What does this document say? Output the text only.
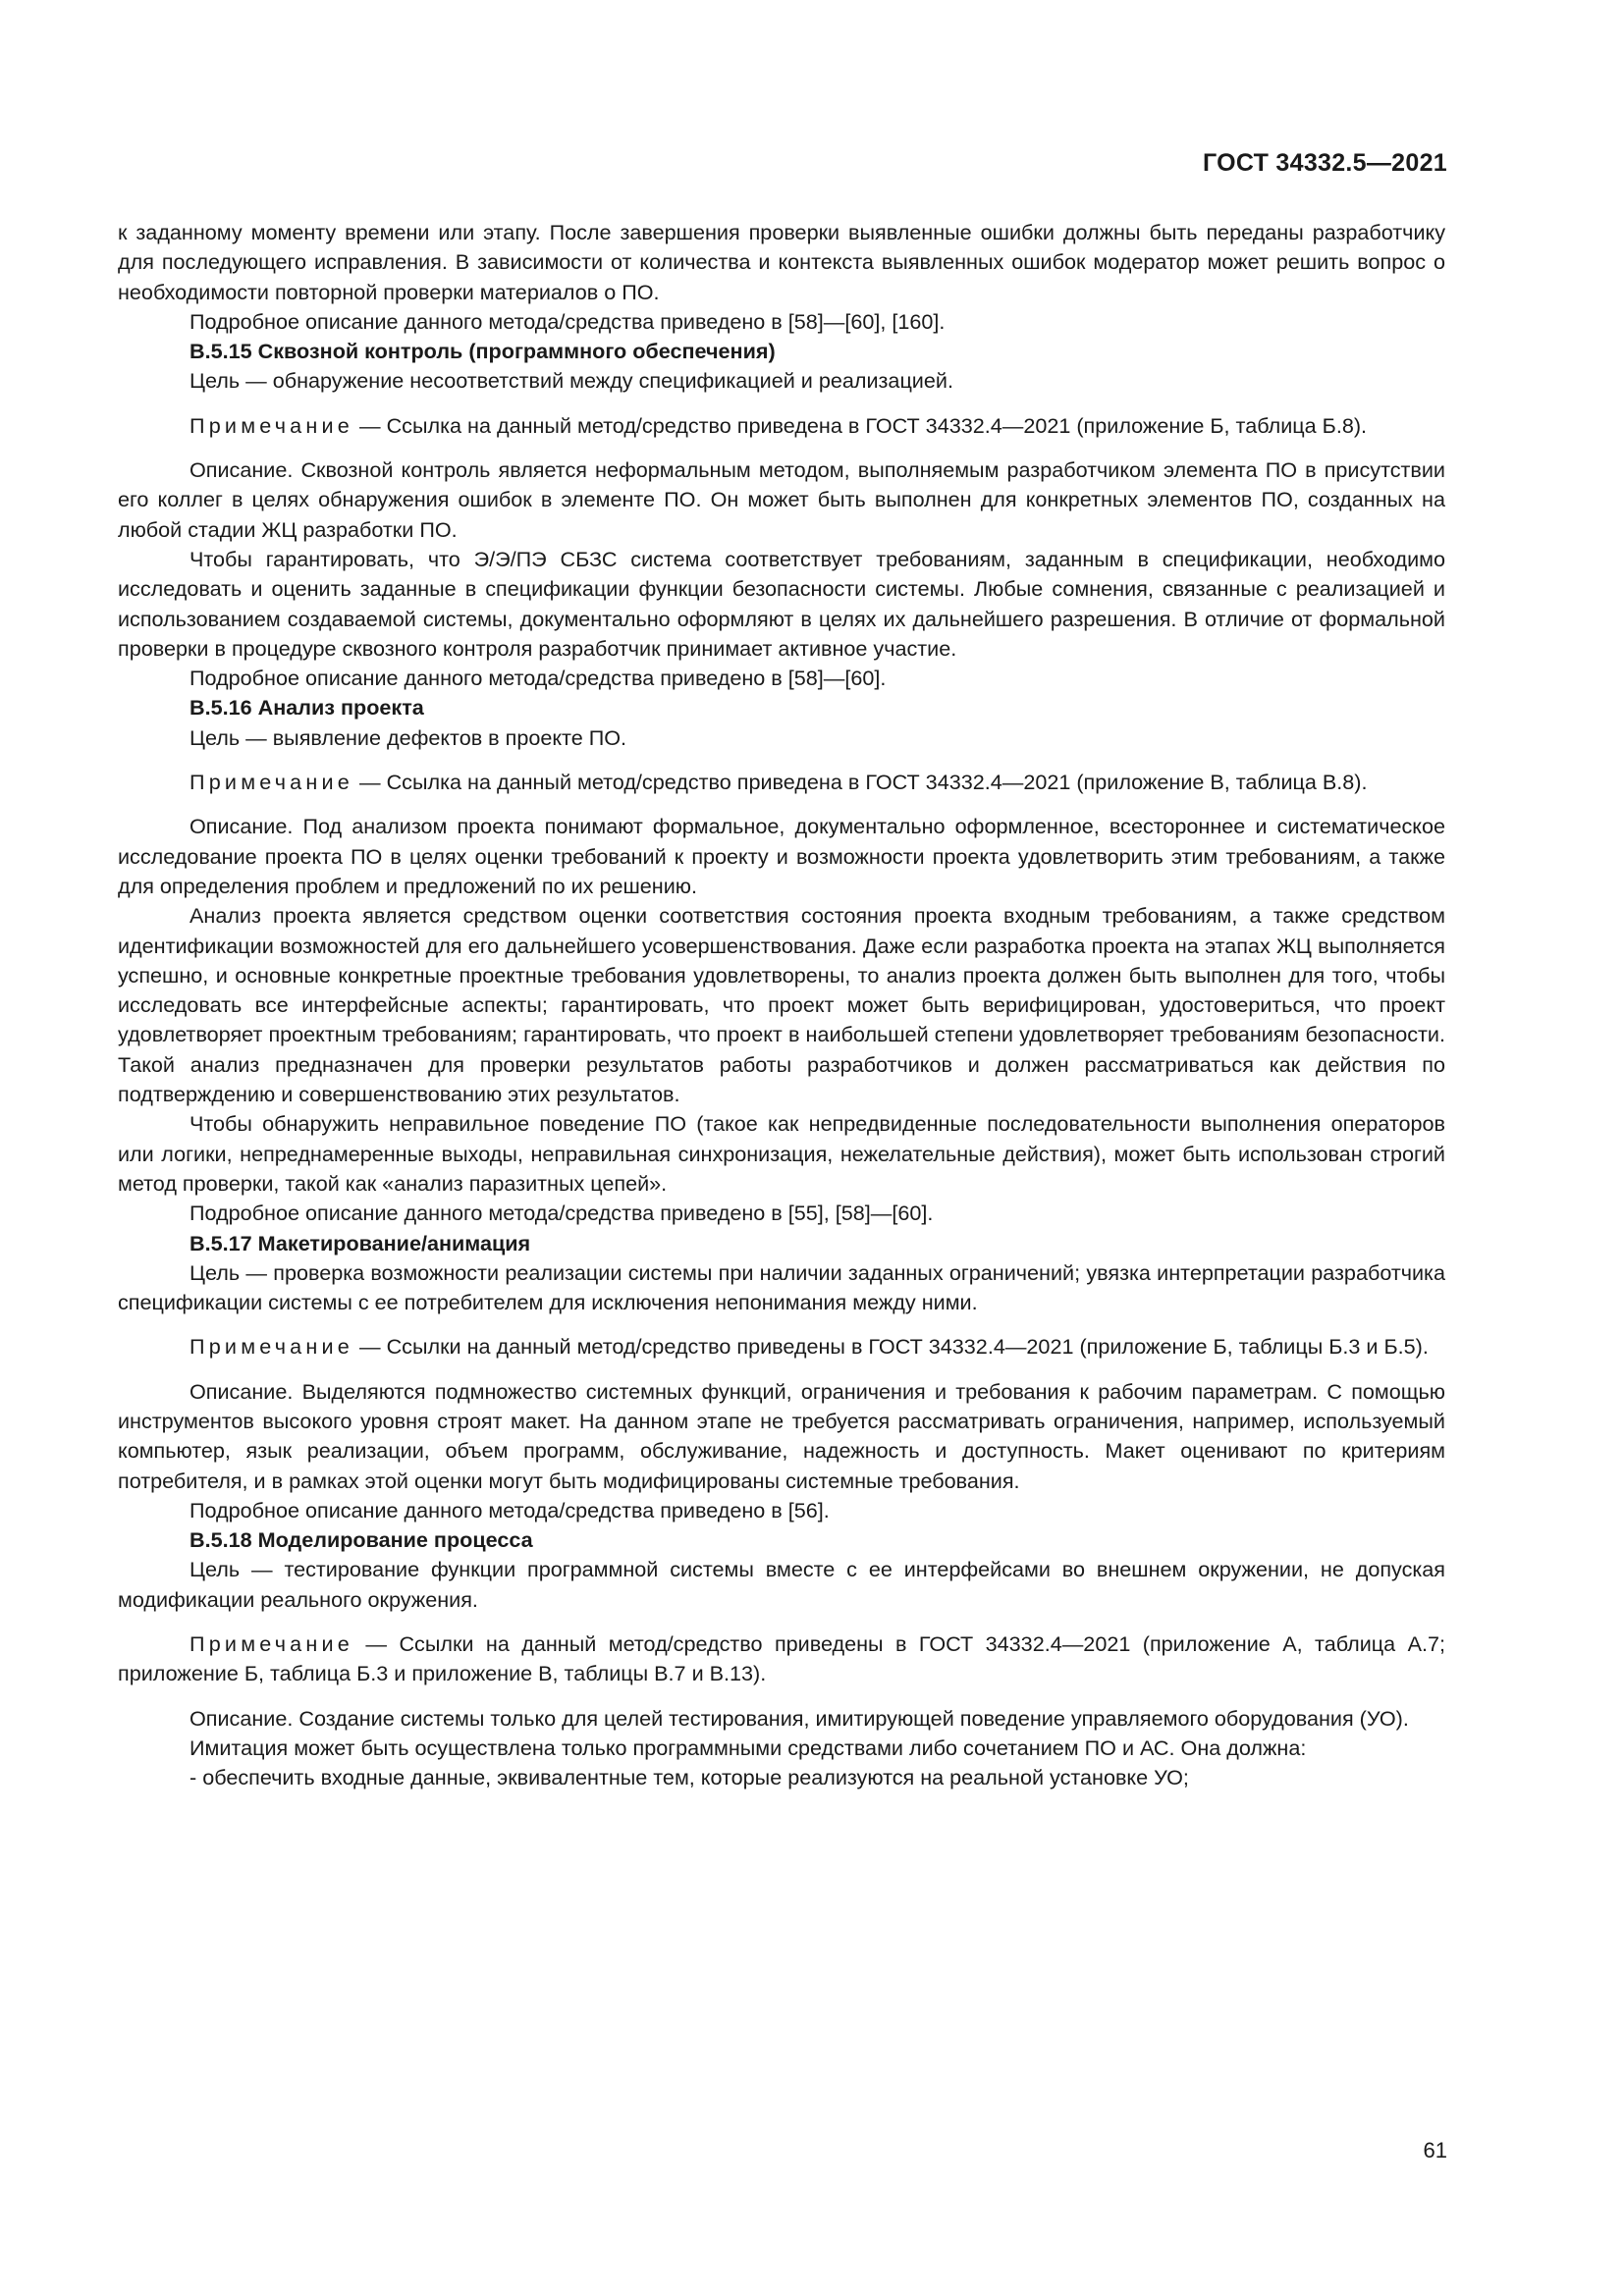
ГОСТ 34332.5—2021

к заданному моменту времени или этапу. После завершения проверки выявленные ошибки должны быть переданы разработчику для последующего исправления. В зависимости от количества и контекста выявленных ошибок модератор может решить вопрос о необходимости повторной проверки материалов о ПО.

Подробное описание данного метода/средства приведено в [58]—[60], [160].

В.5.15 Сквозной контроль (программного обеспечения)

Цель — обнаружение несоответствий между спецификацией и реализацией.

Примечание — Ссылка на данный метод/средство приведена в ГОСТ 34332.4—2021 (приложение Б, таблица Б.8).

Описание. Сквозной контроль является неформальным методом, выполняемым разработчиком элемента ПО в присутствии его коллег в целях обнаружения ошибок в элементе ПО. Он может быть выполнен для конкретных элементов ПО, созданных на любой стадии ЖЦ разработки ПО.

Чтобы гарантировать, что Э/Э/ПЭ СБЗС система соответствует требованиям, заданным в спецификации, необходимо исследовать и оценить заданные в спецификации функции безопасности системы. Любые сомнения, связанные с реализацией и использованием создаваемой системы, документально оформляют в целях их дальнейшего разрешения. В отличие от формальной проверки в процедуре сквозного контроля разработчик принимает активное участие.

Подробное описание данного метода/средства приведено в [58]—[60].

В.5.16 Анализ проекта

Цель — выявление дефектов в проекте ПО.

Примечание — Ссылка на данный метод/средство приведена в ГОСТ 34332.4—2021 (приложение В, таблица В.8).

Описание. Под анализом проекта понимают формальное, документально оформленное, всестороннее и систематическое исследование проекта ПО в целях оценки требований к проекту и возможности проекта удовлетворить этим требованиям, а также для определения проблем и предложений по их решению.

Анализ проекта является средством оценки соответствия состояния проекта входным требованиям, а также средством идентификации возможностей для его дальнейшего усовершенствования. Даже если разработка проекта на этапах ЖЦ выполняется успешно, и основные конкретные проектные требования удовлетворены, то анализ проекта должен быть выполнен для того, чтобы исследовать все интерфейсные аспекты; гарантировать, что проект может быть верифицирован, удостовериться, что проект удовлетворяет проектным требованиям; гарантировать, что проект в наибольшей степени удовлетворяет требованиям безопасности. Такой анализ предназначен для проверки результатов работы разработчиков и должен рассматриваться как действия по подтверждению и совершенствованию этих результатов.

Чтобы обнаружить неправильное поведение ПО (такое как непредвиденные последовательности выполнения операторов или логики, непреднамеренные выходы, неправильная синхронизация, нежелательные действия), может быть использован строгий метод проверки, такой как «анализ паразитных цепей».

Подробное описание данного метода/средства приведено в [55], [58]—[60].

В.5.17 Макетирование/анимация

Цель — проверка возможности реализации системы при наличии заданных ограничений; увязка интерпретации разработчика спецификации системы с ее потребителем для исключения непонимания между ними.

Примечание — Ссылки на данный метод/средство приведены в ГОСТ 34332.4—2021 (приложение Б, таблицы Б.3 и Б.5).

Описание. Выделяются подмножество системных функций, ограничения и требования к рабочим параметрам. С помощью инструментов высокого уровня строят макет. На данном этапе не требуется рассматривать ограничения, например, используемый компьютер, язык реализации, объем программ, обслуживание, надежность и доступность. Макет оценивают по критериям потребителя, и в рамках этой оценки могут быть модифицированы системные требования.

Подробное описание данного метода/средства приведено в [56].

В.5.18 Моделирование процесса

Цель — тестирование функции программной системы вместе с ее интерфейсами во внешнем окружении, не допуская модификации реального окружения.

Примечание — Ссылки на данный метод/средство приведены в ГОСТ 34332.4—2021 (приложение А, таблица А.7; приложение Б, таблица Б.3 и приложение В, таблицы В.7 и В.13).

Описание. Создание системы только для целей тестирования, имитирующей поведение управляемого оборудования (УО).

Имитация может быть осуществлена только программными средствами либо сочетанием ПО и АС. Она должна:

- обеспечить входные данные, эквивалентные тем, которые реализуются на реальной установке УО;

61
